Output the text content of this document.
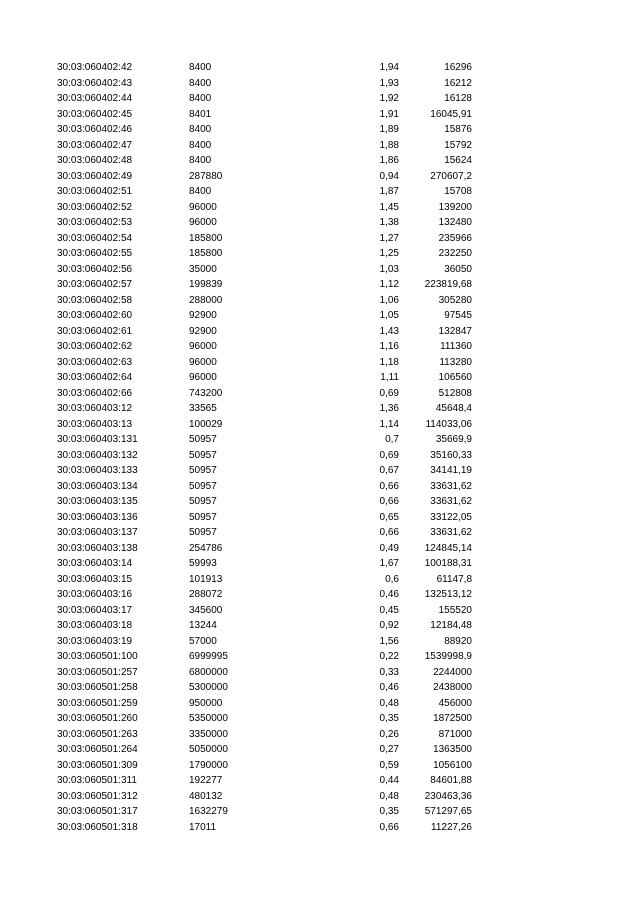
30:03:060402:42	8400	1,94	16296
30:03:060402:43	8400	1,93	16212
30:03:060402:44	8400	1,92	16128
30:03:060402:45	8401	1,91	16045,91
30:03:060402:46	8400	1,89	15876
30:03:060402:47	8400	1,88	15792
30:03:060402:48	8400	1,86	15624
30:03:060402:49	287880	0,94	270607,2
30:03:060402:51	8400	1,87	15708
30:03:060402:52	96000	1,45	139200
30:03:060402:53	96000	1,38	132480
30:03:060402:54	185800	1,27	235966
30:03:060402:55	185800	1,25	232250
30:03:060402:56	35000	1,03	36050
30:03:060402:57	199839	1,12	223819,68
30:03:060402:58	288000	1,06	305280
30:03:060402:60	92900	1,05	97545
30:03:060402:61	92900	1,43	132847
30:03:060402:62	96000	1,16	111360
30:03:060402:63	96000	1,18	113280
30:03:060402:64	96000	1,11	106560
30:03:060402:66	743200	0,69	512808
30:03:060403:12	33565	1,36	45648,4
30:03:060403:13	100029	1,14	114033,06
30:03:060403:131	50957	0,7	35669,9
30:03:060403:132	50957	0,69	35160,33
30:03:060403:133	50957	0,67	34141,19
30:03:060403:134	50957	0,66	33631,62
30:03:060403:135	50957	0,66	33631,62
30:03:060403:136	50957	0,65	33122,05
30:03:060403:137	50957	0,66	33631,62
30:03:060403:138	254786	0,49	124845,14
30:03:060403:14	59993	1,67	100188,31
30:03:060403:15	101913	0,6	61147,8
30:03:060403:16	288072	0,46	132513,12
30:03:060403:17	345600	0,45	155520
30:03:060403:18	13244	0,92	12184,48
30:03:060403:19	57000	1,56	88920
30:03:060501:100	6999995	0,22	1539998,9
30:03:060501:257	6800000	0,33	2244000
30:03:060501:258	5300000	0,46	2438000
30:03:060501:259	950000	0,48	456000
30:03:060501:260	5350000	0,35	1872500
30:03:060501:263	3350000	0,26	871000
30:03:060501:264	5050000	0,27	1363500
30:03:060501:309	1790000	0,59	1056100
30:03:060501:311	192277	0,44	84601,88
30:03:060501:312	480132	0,48	230463,36
30:03:060501:317	1632279	0,35	571297,65
30:03:060501:318	17011	0,66	11227,26
